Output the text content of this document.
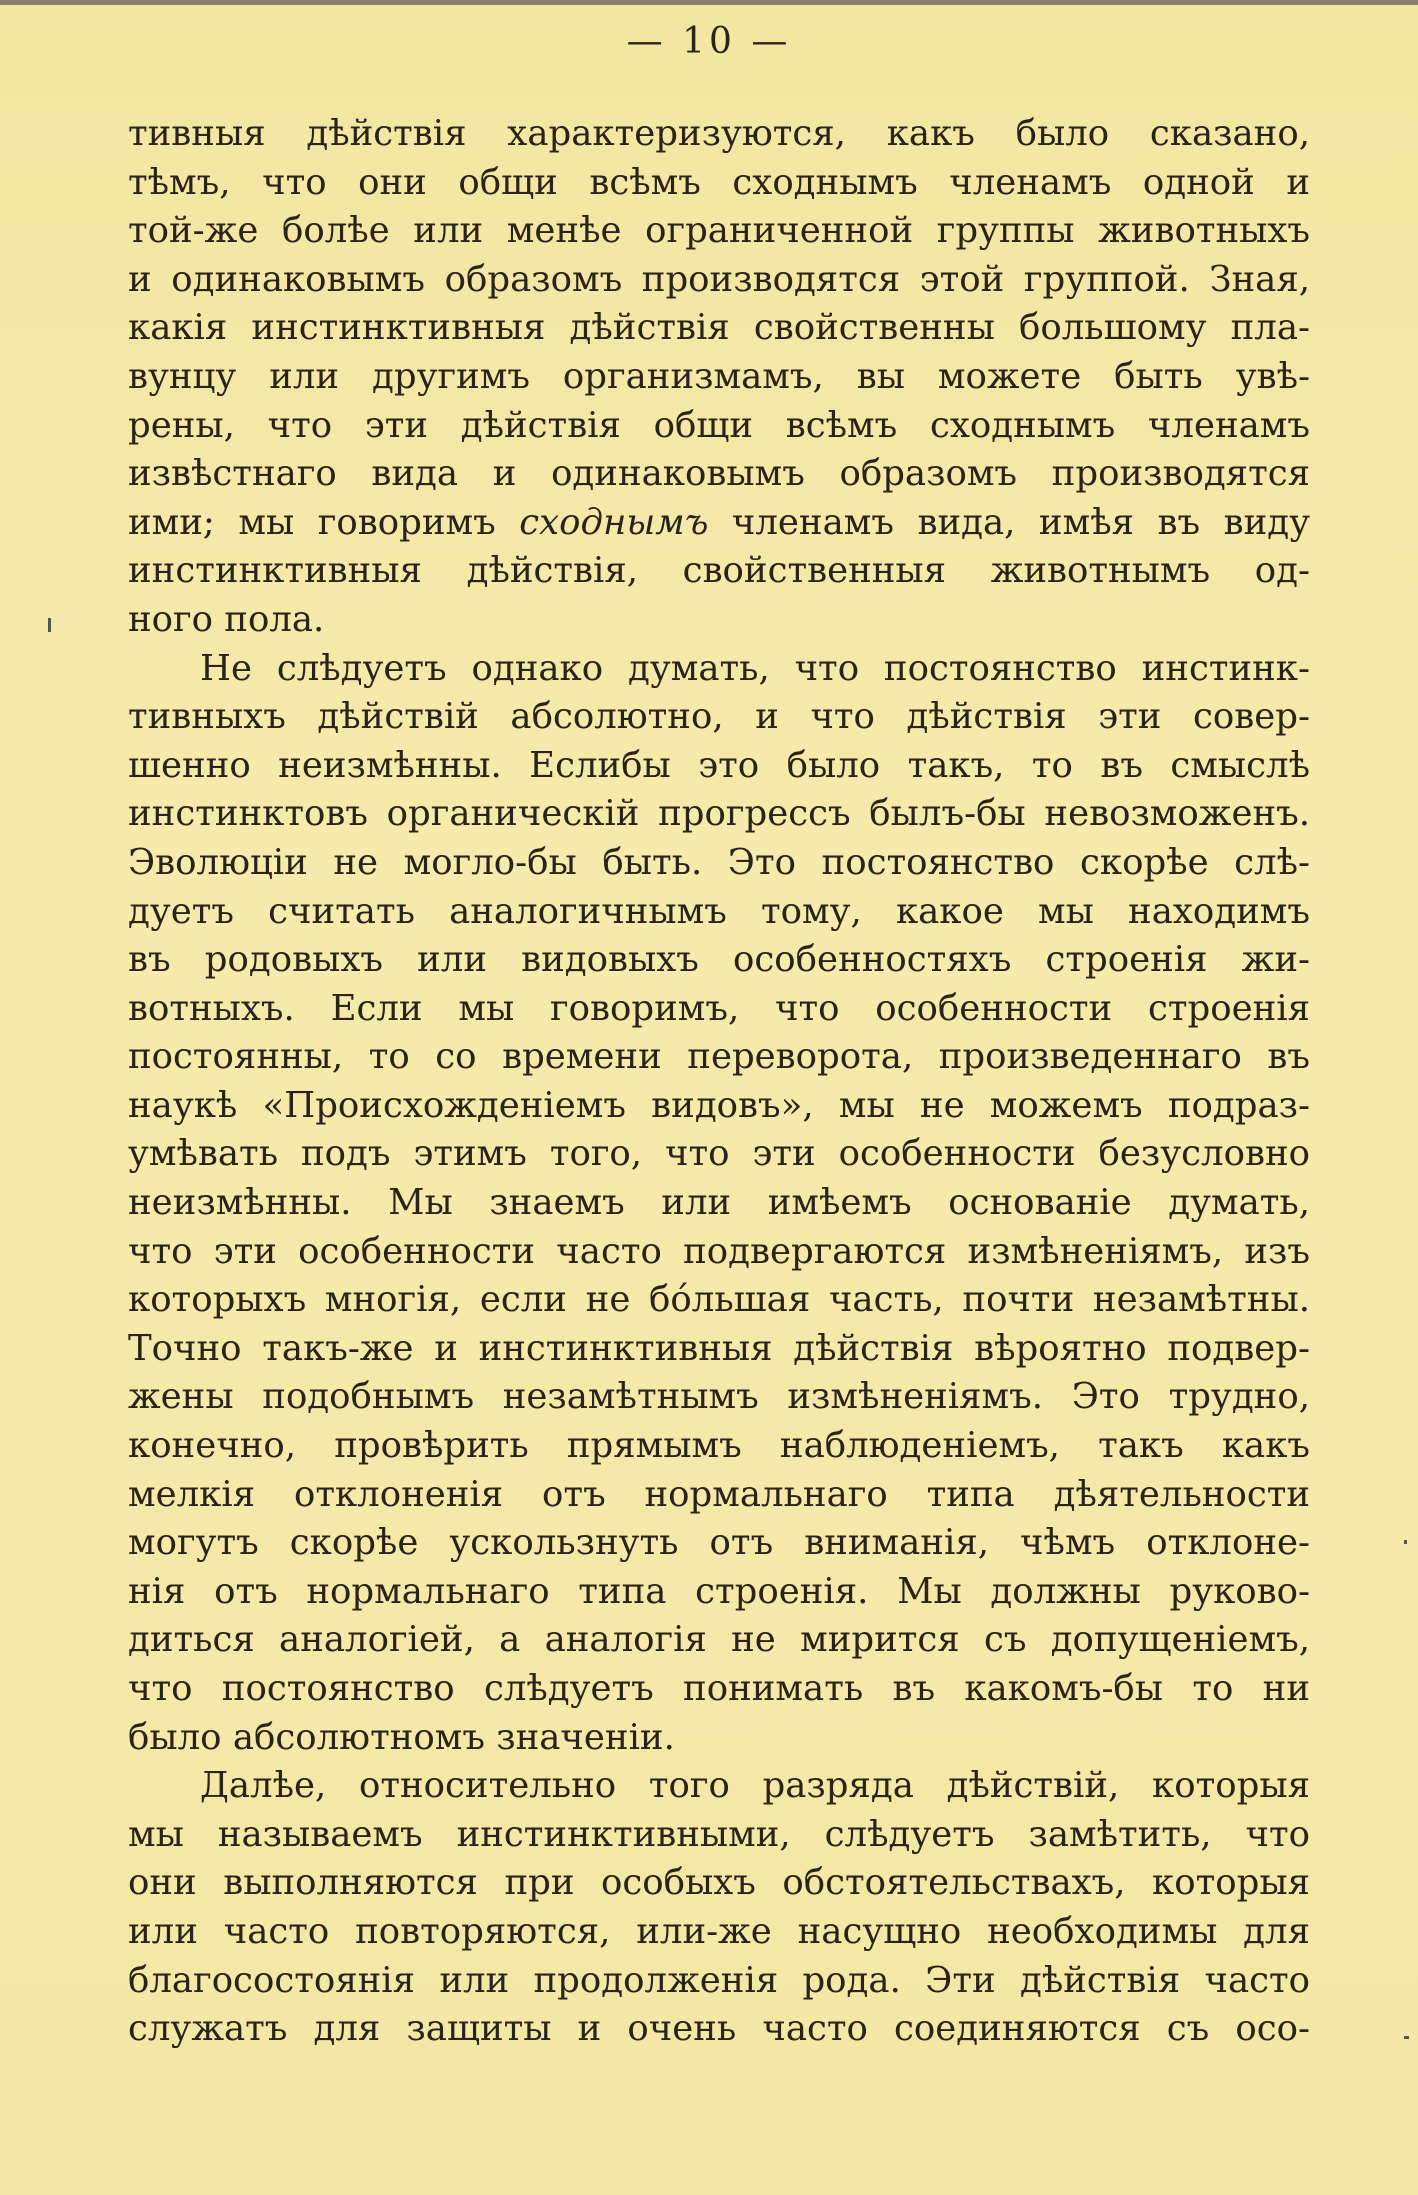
— 10 —

тивныя дѣйствія характеризуются, какъ было сказано,
тѣмъ, что они общи всѣмъ сходнымъ членамъ одной и
той-же болѣе или менѣе ограниченной группы животныхъ
и одинаковымъ образомъ производятся этой группой. Зная,
какія инстинктивныя дѣйствія свойственны большому пла-
вунцу или другимъ организмамъ, вы можете быть увѣ-
рены, что эти дѣйствія общи всѣмъ сходнымъ членамъ
извѣстнаго вида и одинаковымъ образомъ производятся
ими; мы говоримъ сходнымъ членамъ вида, имѣя въ виду
инстинктивныя дѣйствія, свойственныя животнымъ од-
ного пола.

Не слѣдуетъ однако думать, что постоянство инстинк-
тивныхъ дѣйствій абсолютно, и что дѣйствія эти совер-
шенно неизмѣнны. Еслибы это было такъ, то въ смыслѣ
инстинктовъ органическій прогрессъ былъ-бы невозможенъ.
Эволюціи не могло-бы быть. Это постоянство скорѣе слѣ-
дуетъ считать аналогичнымъ тому, какое мы находимъ
въ родовыхъ или видовыхъ особенностяхъ строенія жи-
вотныхъ. Если мы говоримъ, что особенности строенія
постоянны, то со времени переворота, произведеннаго въ
наукѣ «Происхожденіемъ видовъ», мы не можемъ подраз-
умѣвать подъ этимъ того, что эти особенности безусловно
неизмѣнны. Мы знаемъ или имѣемъ основаніе думать,
что эти особенности часто подвергаются измѣненіямъ, изъ
которыхъ многія, если не бо́льшая часть, почти незамѣтны.
Точно такъ-же и инстинктивныя дѣйствія вѣроятно подвер-
жены подобнымъ незамѣтнымъ измѣненіямъ. Это трудно,
конечно, провѣрить прямымъ наблюденіемъ, такъ какъ
мелкія отклоненія отъ нормальнаго типа дѣятельности
могутъ скорѣе ускользнуть отъ вниманія, чѣмъ отклоне-
нія отъ нормальнаго типа строенія. Мы должны руково-
диться аналогіей, а аналогія не мирится съ допущеніемъ,
что постоянство слѣдуетъ понимать въ какомъ-бы то ни
было абсолютномъ значеніи.

Далѣе, относительно того разряда дѣйствій, которыя
мы называемъ инстинктивными, слѣдуетъ замѣтить, что
они выполняются при особыхъ обстоятельствахъ, которыя
или часто повторяются, или-же насущно необходимы для
благосостоянія или продолженія рода. Эти дѣйствія часто
служатъ для защиты и очень часто соединяются съ осо-
